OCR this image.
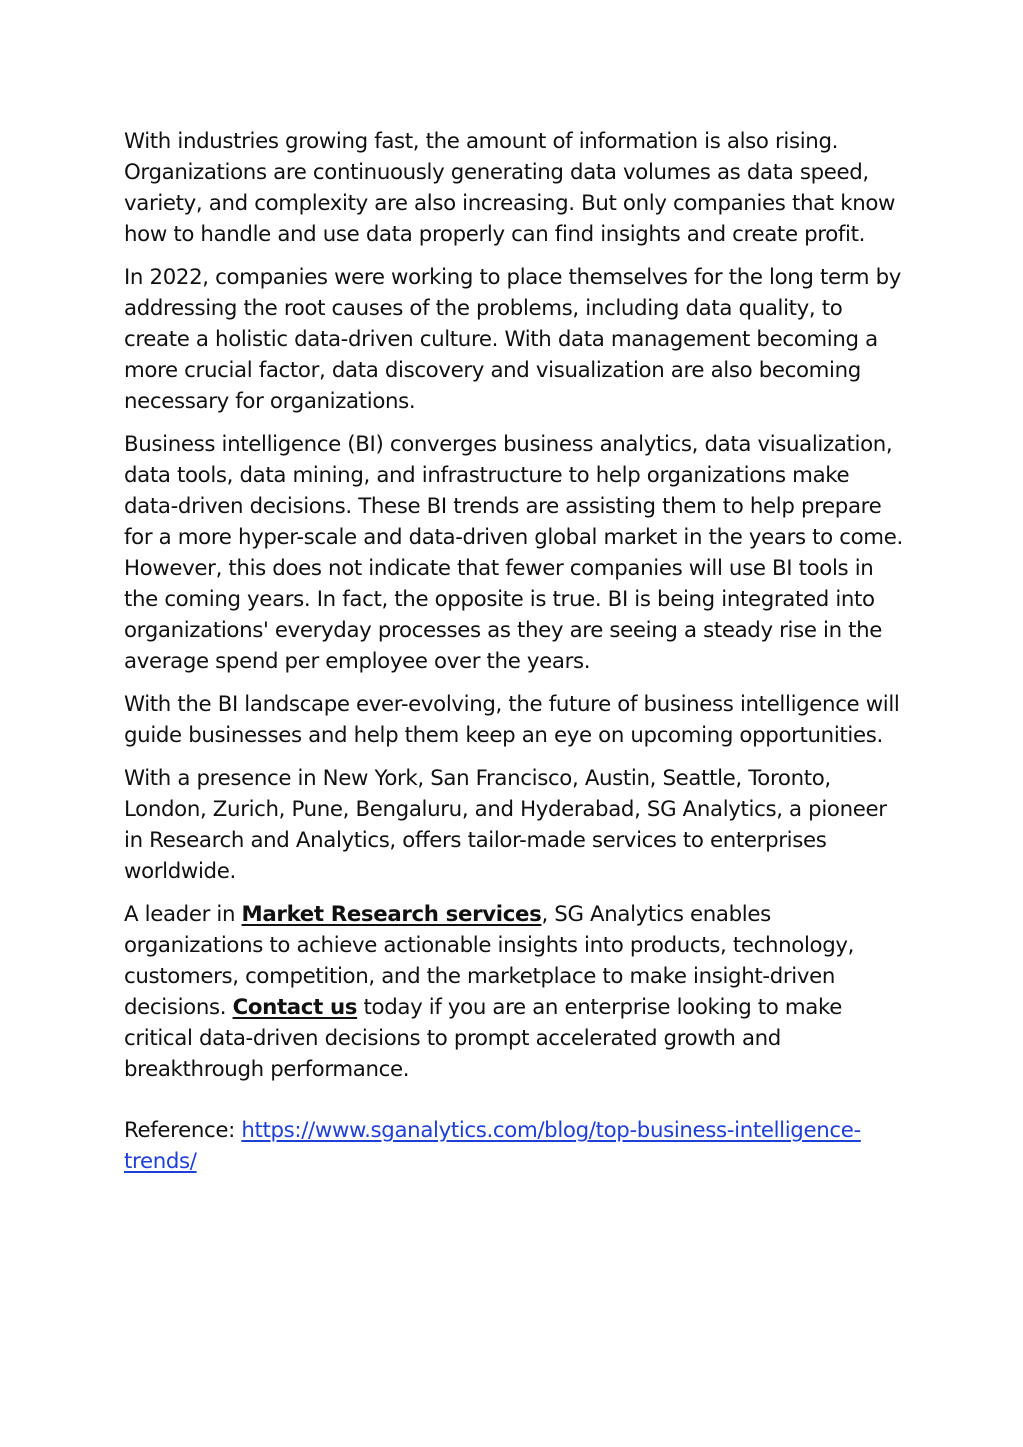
With industries growing fast, the amount of information is also rising. Organizations are continuously generating data volumes as data speed, variety, and complexity are also increasing. But only companies that know how to handle and use data properly can find insights and create profit.

In 2022, companies were working to place themselves for the long term by addressing the root causes of the problems, including data quality, to create a holistic data-driven culture. With data management becoming a more crucial factor, data discovery and visualization are also becoming necessary for organizations.

Business intelligence (BI) converges business analytics, data visualization, data tools, data mining, and infrastructure to help organizations make data-driven decisions. These BI trends are assisting them to help prepare for a more hyper-scale and data-driven global market in the years to come. However, this does not indicate that fewer companies will use BI tools in the coming years. In fact, the opposite is true. BI is being integrated into organizations' everyday processes as they are seeing a steady rise in the average spend per employee over the years.

With the BI landscape ever-evolving, the future of business intelligence will guide businesses and help them keep an eye on upcoming opportunities.

With a presence in New York, San Francisco, Austin, Seattle, Toronto, London, Zurich, Pune, Bengaluru, and Hyderabad, SG Analytics, a pioneer in Research and Analytics, offers tailor-made services to enterprises worldwide.

A leader in Market Research services, SG Analytics enables organizations to achieve actionable insights into products, technology, customers, competition, and the marketplace to make insight-driven decisions. Contact us today if you are an enterprise looking to make critical data-driven decisions to prompt accelerated growth and breakthrough performance.

Reference: https://www.sganalytics.com/blog/top-business-intelligence-trends/
